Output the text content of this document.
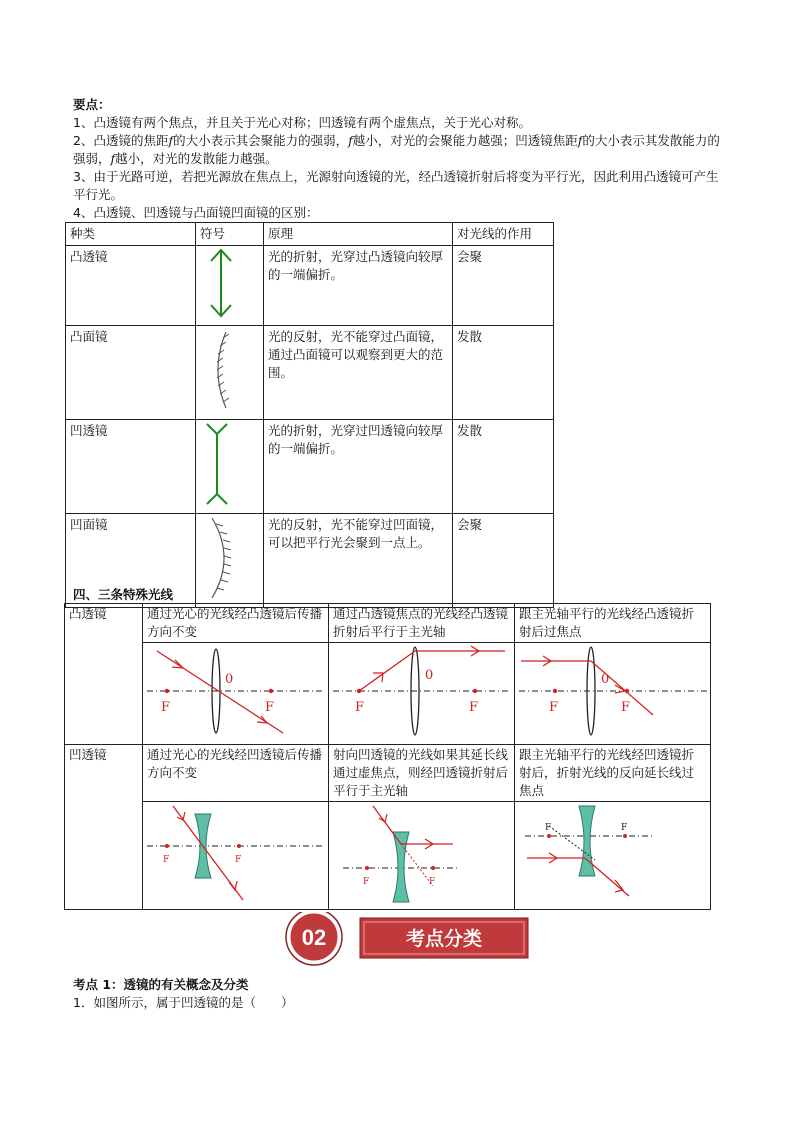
要点：

1、凸透镜有两个焦点，并且关于光心对称；凹透镜有两个虚焦点，关于光心对称。

2、凸透镜的焦距f的大小表示其会聚能力的强弱，f越小，对光的会聚能力越强；凹透镜焦距f的大小表示其发散能力的强弱，f越小，对光的发散能力越强。

3、由于光路可逆，若把光源放在焦点上，光源射向透镜的光，经凸透镜折射后将变为平行光，因此利用凸透镜可产生平行光。

4、凸透镜、凹透镜与凸面镜凹面镜的区别：

种类	符号	原理	对光线的作用
凸透镜		光的折射，光穿过凸透镜向较厚的一端偏折。	会聚
凸面镜		光的反射，光不能穿过凸面镜，通过凸面镜可以观察到更大的范围。	发散
凹透镜		光的折射，光穿过凹透镜向较厚的一端偏折。	发散
凹面镜		光的反射，光不能穿过凹面镜，可以把平行光会聚到一点上。	会聚
四、三条特殊光线
凸透镜	通过光心的光线经凸透镜后传播方向不变	通过凸透镜焦点的光线经凸透镜折射后平行于主光轴	跟主光轴平行的光线经凸透镜折射后过焦点

F F
0	F F
0	F F
0

凹透镜	通过光心的光线经凹透镜后传播方向不变	射向凹透镜的光线如果其延长线通过虚焦点，则经凹透镜折射后平行于主光轴	跟主光轴平行的光线经凹透镜折射后，折射光线的反向延长线过焦点

F F	F F	F F
02	考点分类

考点 1：透镜的有关概念及分类

1．如图所示，属于凹透镜的是（　　）
